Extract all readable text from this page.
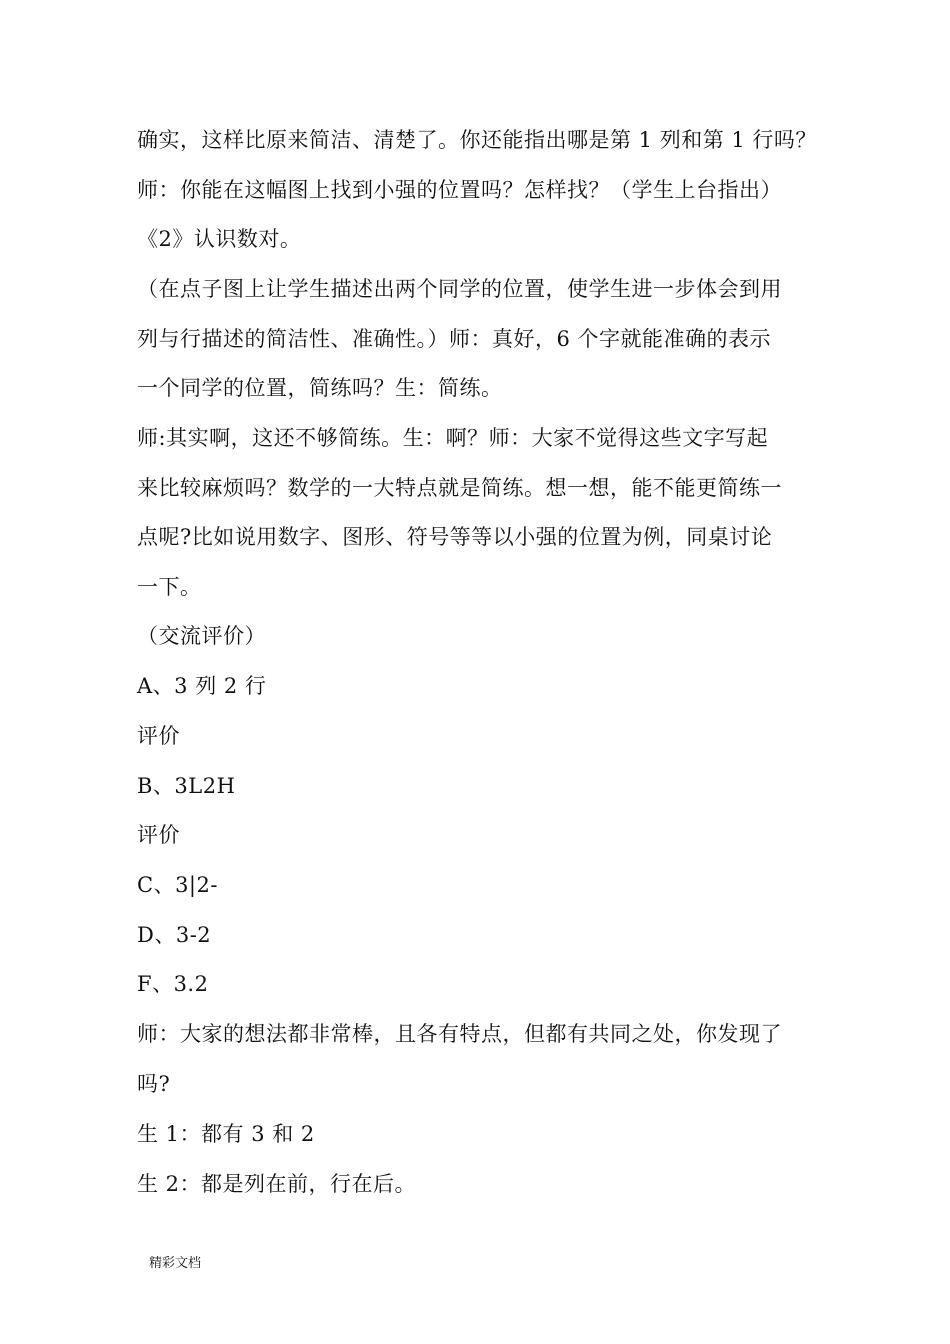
确实，这样比原来简洁、清楚了。你还能指出哪是第 1 列和第 1 行吗？
师：你能在这幅图上找到小强的位置吗？怎样找？（学生上台指出）
《2》认识数对。
（在点子图上让学生描述出两个同学的位置，使学生进一步体会到用
列与行描述的简洁性、准确性。）师：真好，6 个字就能准确的表示
一个同学的位置，简练吗？生：简练。
师:其实啊，这还不够简练。生：啊？师：大家不觉得这些文字写起
来比较麻烦吗？数学的一大特点就是简练。想一想，能不能更简练一
点呢?比如说用数字、图形、符号等等以小强的位置为例，同桌讨论
一下。
（交流评价）
A、3 列 2 行
评价
B、3L2H
评价
C、3|2-
D、3-2
F、3.2
师：大家的想法都非常棒，且各有特点，但都有共同之处，你发现了
吗?
生 1：都有 3 和 2
生 2：都是列在前，行在后。
精彩文档
